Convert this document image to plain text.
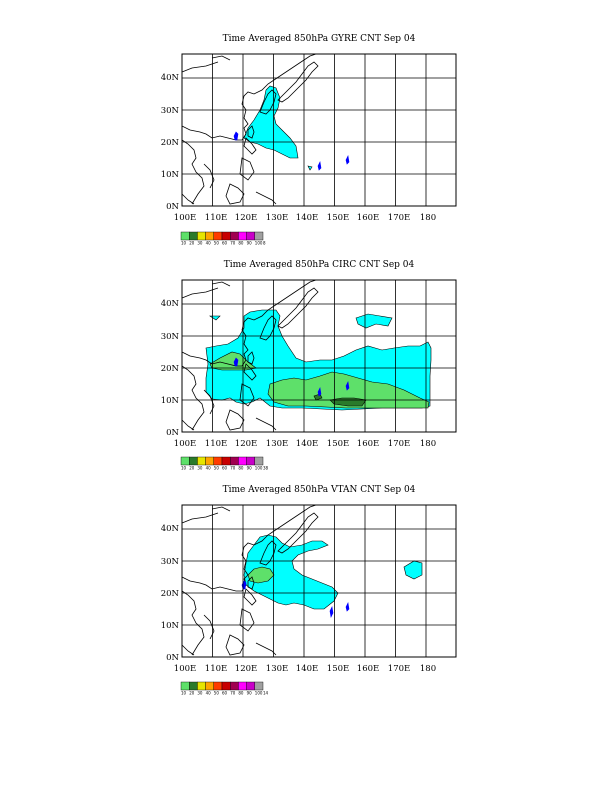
Time Averaged 850hPa GYRE CNT Sep 04
40N
30N
20N
10N
0N
100E 110E 120E 130E 140E 150E 160E 170E 180
10 20 30 40 50 60 70 80 90 100 8
Time Averaged 850hPa CIRC CNT Sep 04
40N
30N
20N
10N
0N
100E 110E 120E 130E 140E 150E 160E 170E 180
10 20 30 40 50 60 70 80 90 100 38
Time Averaged 850hPa VTAN CNT Sep 04
40N
30N
20N
10N
0N
100E 110E 120E 130E 140E 150E 160E 170E 180
10 20 30 40 50 60 70 80 90 100 14
